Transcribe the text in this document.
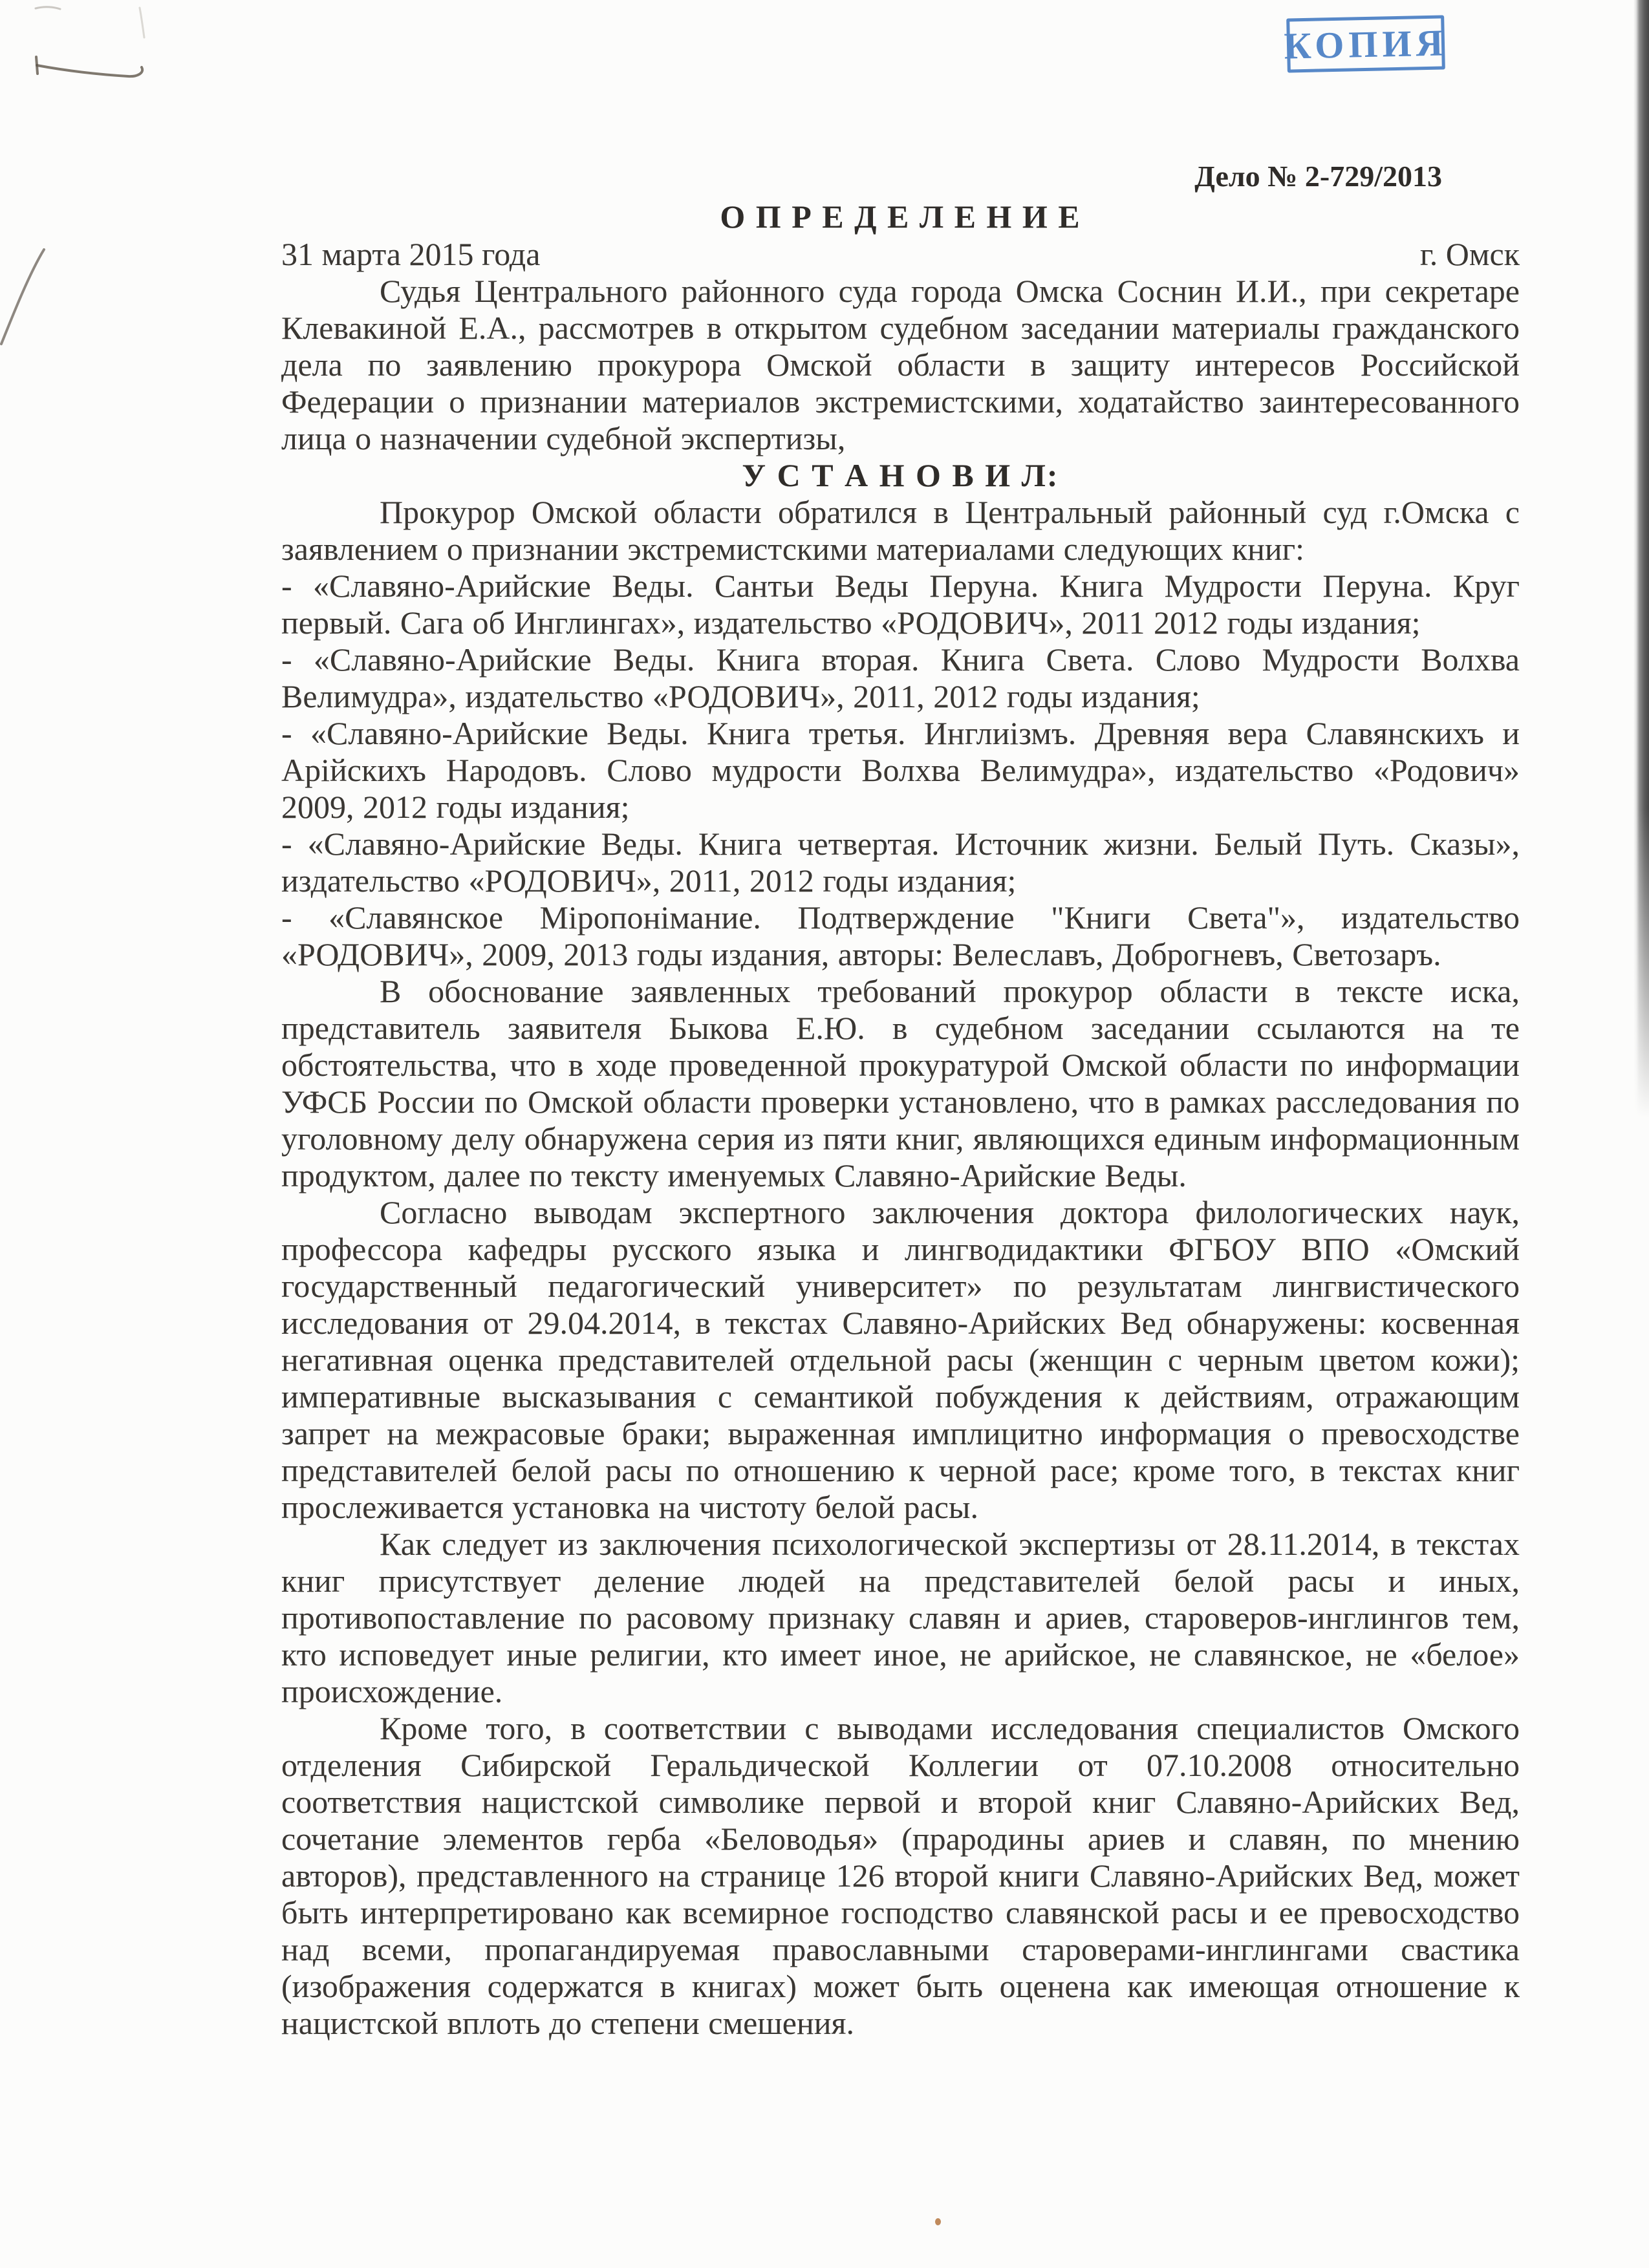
КОПИЯ
Дело № 2-729/2013
О П Р Е Д Е Л Е Н И Е
31 марта 2015 года	г. Омск

Судья Центрального районного суда города Омска Соснин И.И., при секретаре Клевакиной Е.А., рассмотрев в открытом судебном заседании материалы гражданского дела по заявлению прокурора Омской области в защиту интересов Российской Федерации о признании материалов экстремистскими, ходатайство заинтересованного лица о назначении судебной экспертизы,

У С Т А Н О В И Л:

Прокурор Омской области обратился в Центральный районный суд г.Омска с заявлением о признании экстремистскими материалами следующих книг:

- «Славяно-Арийские Веды. Сантьи Веды Перуна. Книга Мудрости Перуна. Круг первый. Сага об Инглингах», издательство «РОДОВИЧ», 2011 2012 годы издания;

- «Славяно-Арийские Веды. Книга вторая. Книга Света. Слово Мудрости Волхва Велимудра», издательство «РОДОВИЧ», 2011, 2012 годы издания;

- «Славяно-Арийские Веды. Книга третья. Инглиiзмъ. Древняя вера Славянскихъ и Арiйскихъ Народовъ. Слово мудрости Волхва Велимудра», издательство «Родович» 2009, 2012 годы издания;

- «Славяно-Арийские Веды. Книга четвертая. Источник жизни. Белый Путь. Сказы», издательство «РОДОВИЧ», 2011, 2012 годы издания;

- «Славянское Мiропонiмание. Подтверждение "Книги Света"», издательство «РОДОВИЧ», 2009, 2013 годы издания, авторы: Велеславъ, Доброгневъ, Светозаръ.

В обоснование заявленных требований прокурор области в тексте иска, представитель заявителя Быкова Е.Ю. в судебном заседании ссылаются на те обстоятельства, что в ходе проведенной прокуратурой Омской области по информации УФСБ России по Омской области проверки установлено, что в рамках расследования по уголовному делу обнаружена серия из пяти книг, являющихся единым информационным продуктом, далее по тексту именуемых Славяно-Арийские Веды.

Согласно выводам экспертного заключения доктора филологических наук, профессора кафедры русского языка и лингводидактики ФГБОУ ВПО «Омский государственный педагогический университет» по результатам лингвистического исследования от 29.04.2014, в текстах Славяно-Арийских Вед обнаружены: косвенная негативная оценка представителей отдельной расы (женщин с черным цветом кожи); императивные высказывания с семантикой побуждения к действиям, отражающим запрет на межрасовые браки; выраженная имплицитно информация о превосходстве представителей белой расы по отношению к черной расе; кроме того, в текстах книг прослеживается установка на чистоту белой расы.

Как следует из заключения психологической экспертизы от 28.11.2014, в текстах книг присутствует деление людей на представителей белой расы и иных, противопоставление по расовому признаку славян и ариев, староверов-инглингов тем, кто исповедует иные религии, кто имеет иное, не арийское, не славянское, не «белое» происхождение.

Кроме того, в соответствии с выводами исследования специалистов Омского отделения Сибирской Геральдической Коллегии от 07.10.2008 относительно соответствия нацистской символике первой и второй книг Славяно-Арийских Вед, сочетание элементов герба «Беловодья» (прародины ариев и славян, по мнению авторов), представленного на странице 126 второй книги Славяно-Арийских Вед, может быть интерпретировано как всемирное господство славянской расы и ее превосходство над всеми, пропагандируемая православными староверами-инглингами свастика (изображения содержатся в книгах) может быть оценена как имеющая отношение к нацистской вплоть до степени смешения.
